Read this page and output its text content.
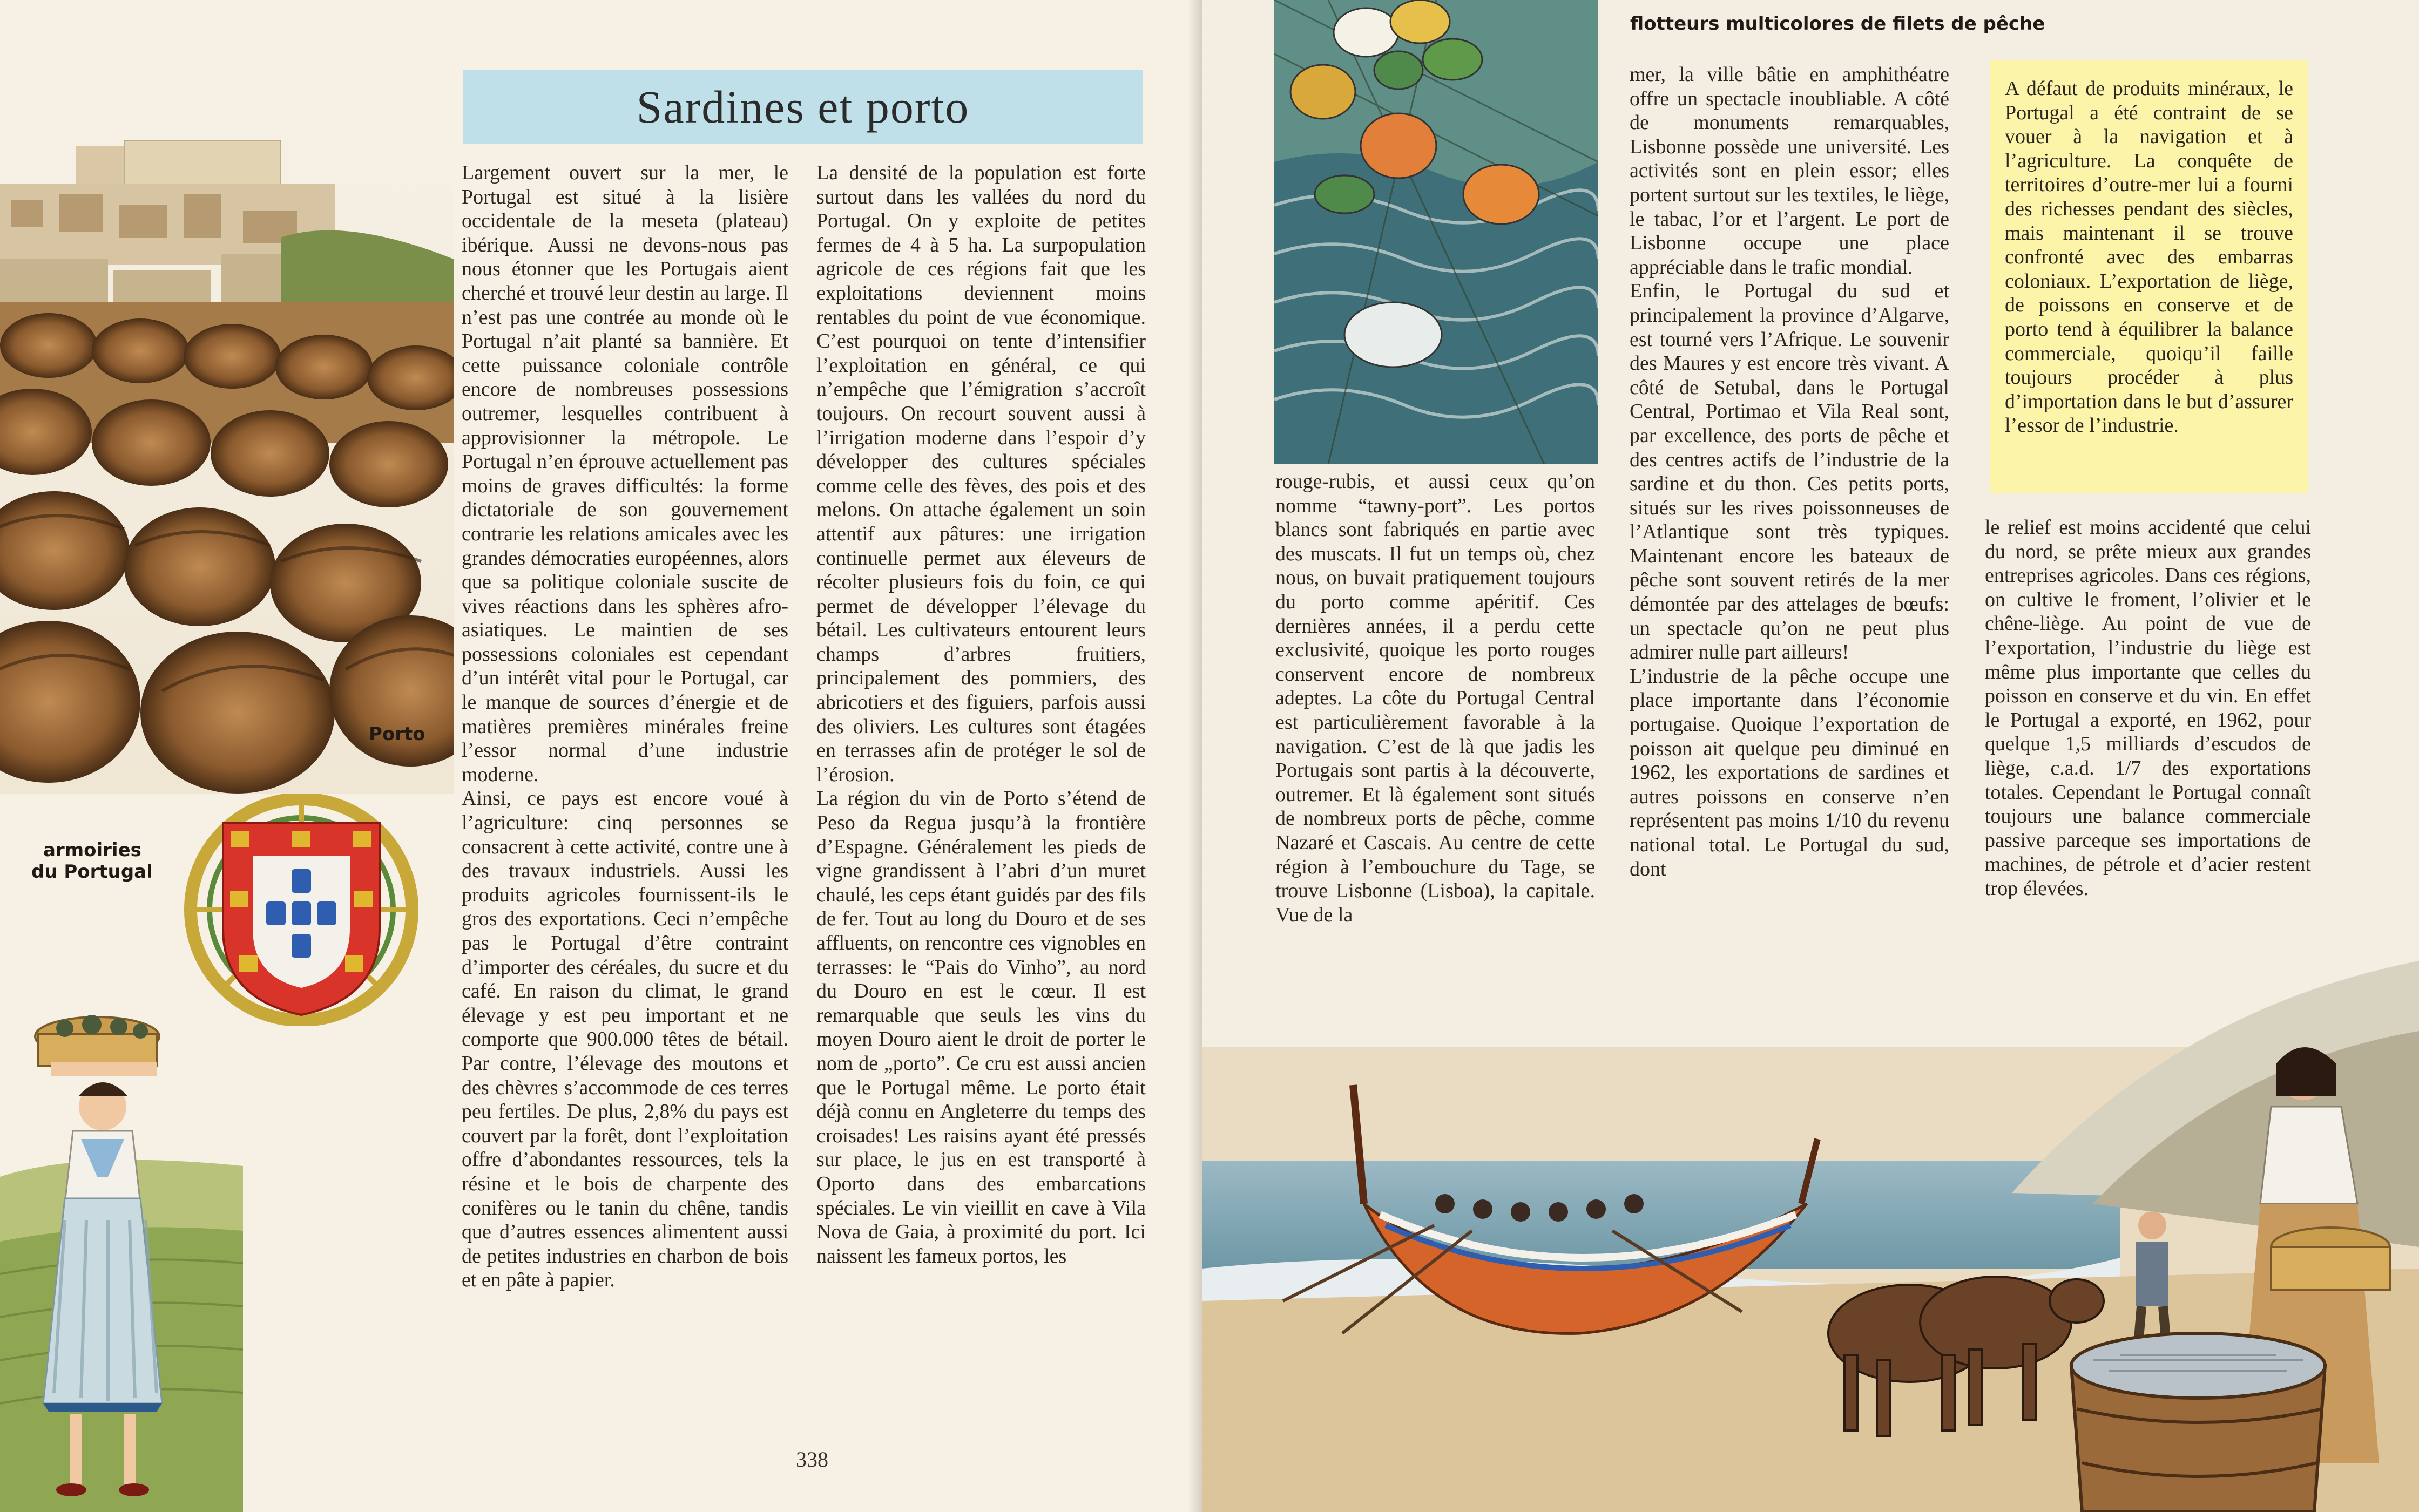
Porto
armoiries
du Portugal
Sardines et porto

Largement ouvert sur la mer, le Portugal est situé à la lisière occidentale de la meseta (plateau) ibérique. Aussi ne devons-nous pas nous étonner que les Portugais aient cherché et trouvé leur destin au large. Il n’est pas une contrée au monde où le Portugal n’ait planté sa bannière. Et cette puissance coloniale contrôle encore de nombreuses possessions outremer, lesquelles contribuent à approvisionner la métropole. Le Portugal n’en éprouve actuellement pas moins de graves difficultés: la forme dictatoriale de son gouvernement contrarie les relations amicales avec les grandes démocraties européennes, alors que sa politique coloniale suscite de vives réactions dans les sphères afro-asiatiques. Le maintien de ses possessions coloniales est cependant d’un intérêt vital pour le Portugal, car le manque de sources d’énergie et de matières premières minérales freine l’essor normal d’une industrie moderne.

Ainsi, ce pays est encore voué à l’agriculture: cinq personnes se consacrent à cette activité, contre une à des travaux industriels. Aussi les produits agricoles fournissent-ils le gros des exportations. Ceci n’empêche pas le Portugal d’être contraint d’importer des céréales, du sucre et du café. En raison du climat, le grand élevage y est peu important et ne comporte que 900.000 têtes de bétail. Par contre, l’élevage des moutons et des chèvres s’accommode de ces terres peu fertiles. De plus, 2,8% du pays est couvert par la forêt, dont l’exploitation offre d’abondantes ressources, tels la résine et le bois de charpente des conifères ou le tanin du chêne, tandis que d’autres essences alimentent aussi de petites industries en charbon de bois et en pâte à papier.

La densité de la population est forte surtout dans les vallées du nord du Portugal. On y exploite de petites fermes de 4 à 5 ha. La surpopulation agricole de ces régions fait que les exploitations deviennent moins rentables du point de vue économique. C’est pourquoi on tente d’intensifier l’exploitation en général, ce qui n’empêche que l’émigration s’accroît toujours. On recourt souvent aussi à l’irrigation moderne dans l’espoir d’y développer des cultures spéciales comme celle des fèves, des pois et des melons. On attache également un soin attentif aux pâtures: une irrigation continuelle permet aux éleveurs de récolter plusieurs fois du foin, ce qui permet de développer l’élevage du bétail. Les cultivateurs entourent leurs champs d’arbres fruitiers, principalement des pommiers, des abricotiers et des figuiers, parfois aussi des oliviers. Les cultures sont étagées en terrasses afin de protéger le sol de l’érosion.

La région du vin de Porto s’étend de Peso da Regua jusqu’à la frontière d’Espagne. Généralement les pieds de vigne grandissent à l’abri d’un muret chaulé, les ceps étant guidés par des fils de fer. Tout au long du Douro et de ses affluents, on rencontre ces vignobles en terrasses: le “Pais do Vinho”, au nord du Douro en est le cœur. Il est remarquable que seuls les vins du moyen Douro aient le droit de porter le nom de „porto”. Ce cru est aussi ancien que le Portugal même. Le porto était déjà connu en Angleterre du temps des croisades! Les raisins ayant été pressés sur place, le jus en est transporté à Oporto dans des embarcations spéciales. Le vin vieillit en cave à Vila Nova de Gaia, à proximité du port. Ici naissent les fameux portos, les

338
flotteurs multicolores de filets de pêche

rouge-rubis, et aussi ceux qu’on nomme “tawny-port”. Les portos blancs sont fabriqués en partie avec des muscats. Il fut un temps où, chez nous, on buvait pratiquement toujours du porto comme apéritif. Ces dernières années, il a perdu cette exclusivité, quoique les porto rouges conservent encore de nombreux adeptes. La côte du Portugal Central est particulièrement favorable à la navigation. C’est de là que jadis les Portugais sont partis à la découverte, outremer. Et là également sont situés de nombreux ports de pêche, comme Nazaré et Cascais. Au centre de cette région à l’embouchure du Tage, se trouve Lisbonne (Lisboa), la capitale. Vue de la

mer, la ville bâtie en amphithéatre offre un spectacle inoubliable. A côté de monuments remarquables, Lisbonne possède une université. Les activités sont en plein essor; elles portent surtout sur les textiles, le liège, le tabac, l’or et l’argent. Le port de Lisbonne occupe une place appréciable dans le trafic mondial.

Enfin, le Portugal du sud et principalement la province d’Algarve, est tourné vers l’Afrique. Le souvenir des Maures y est encore très vivant. A côté de Setubal, dans le Portugal Central, Portimao et Vila Real sont, par excellence, des ports de pêche et des centres actifs de l’industrie de la sardine et du thon. Ces petits ports, situés sur les rives poissonneuses de l’Atlantique sont très typiques. Maintenant encore les bateaux de pêche sont souvent retirés de la mer démontée par des attelages de bœufs: un spectacle qu’on ne peut plus admirer nulle part ailleurs!

L’industrie de la pêche occupe une place importante dans l’économie portugaise. Quoique l’exportation de poisson ait quelque peu diminué en 1962, les exportations de sardines et autres poissons en conserve n’en représentent pas moins 1/10 du revenu national total. Le Portugal du sud, dont

A défaut de produits minéraux, le Portugal a été contraint de se vouer à la navigation et à l’agriculture. La conquête de territoires d’outre-mer lui a fourni des richesses pendant des siècles, mais maintenant il se trouve confronté avec des embarras coloniaux. L’exportation de liège, de poissons en conserve et de porto tend à équilibrer la balance commerciale, quoiqu’il faille toujours procéder à plus d’importation dans le but d’assurer l’essor de l’industrie.

le relief est moins accidenté que celui du nord, se prête mieux aux grandes entreprises agricoles. Dans ces régions, on cultive le froment, l’olivier et le chêne-liège. Au point de vue de l’exportation, l’industrie du liège est même plus importante que celles du poisson en conserve et du vin. En effet le Portugal a exporté, en 1962, pour quelque 1,5 milliards d’escudos de liège, c.a.d. 1/7 des exportations totales. Cependant le Portugal connaît toujours une balance commerciale passive parceque ses importations de machines, de pétrole et d’acier restent trop élevées.
